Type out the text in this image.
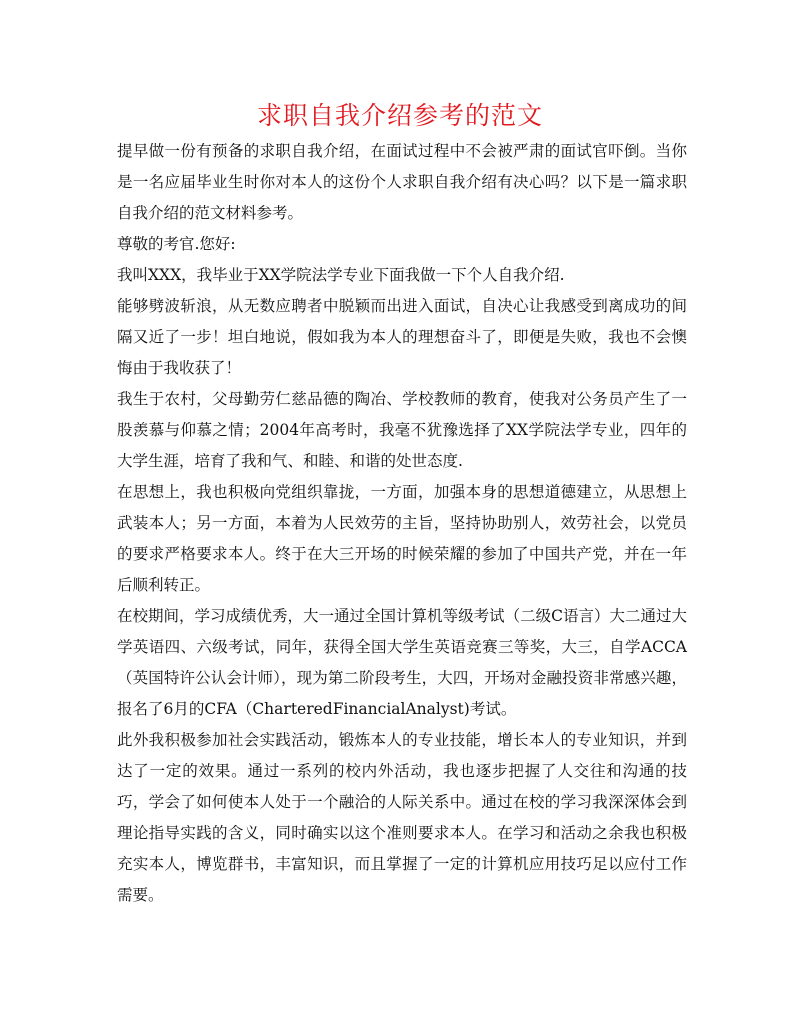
求职自我介绍参考的范文

提早做一份有预备的求职自我介绍，在面试过程中不会被严肃的面试官吓倒。当你是一名应届毕业生时你对本人的这份个人求职自我介绍有决心吗？以下是一篇求职自我介绍的范文材料参考。

尊敬的考官.您好:

我叫XXX，我毕业于XX学院法学专业下面我做一下个人自我介绍.

能够劈波斩浪，从无数应聘者中脱颖而出进入面试，自决心让我感受到离成功的间隔又近了一步！坦白地说，假如我为本人的理想奋斗了，即便是失败，我也不会懊悔由于我收获了！

我生于农村，父母勤劳仁慈品德的陶冶、学校教师的教育，使我对公务员产生了一股羡慕与仰慕之情；2004年高考时，我毫不犹豫选择了XX学院法学专业，四年的大学生涯，培育了我和气、和睦、和谐的处世态度.

在思想上，我也积极向党组织靠拢，一方面，加强本身的思想道德建立，从思想上武装本人；另一方面，本着为人民效劳的主旨，坚持协助别人，效劳社会，以党员的要求严格要求本人。终于在大三开场的时候荣耀的参加了中国共产党，并在一年后顺利转正。

在校期间，学习成绩优秀，大一通过全国计算机等级考试（二级C语言）大二通过大学英语四、六级考试，同年，获得全国大学生英语竞赛三等奖，大三，自学ACCA（英国特许公认会计师），现为第二阶段考生，大四，开场对金融投资非常感兴趣，报名了6月的CFA（CharteredFinancialAnalyst)考试。

此外我积极参加社会实践活动，锻炼本人的专业技能，增长本人的专业知识，并到达了一定的效果。通过一系列的校内外活动，我也逐步把握了人交往和沟通的技巧，学会了如何使本人处于一个融洽的人际关系中。通过在校的学习我深深体会到理论指导实践的含义，同时确实以这个准则要求本人。在学习和活动之余我也积极充实本人，博览群书，丰富知识，而且掌握了一定的计算机应用技巧足以应付工作需要。
